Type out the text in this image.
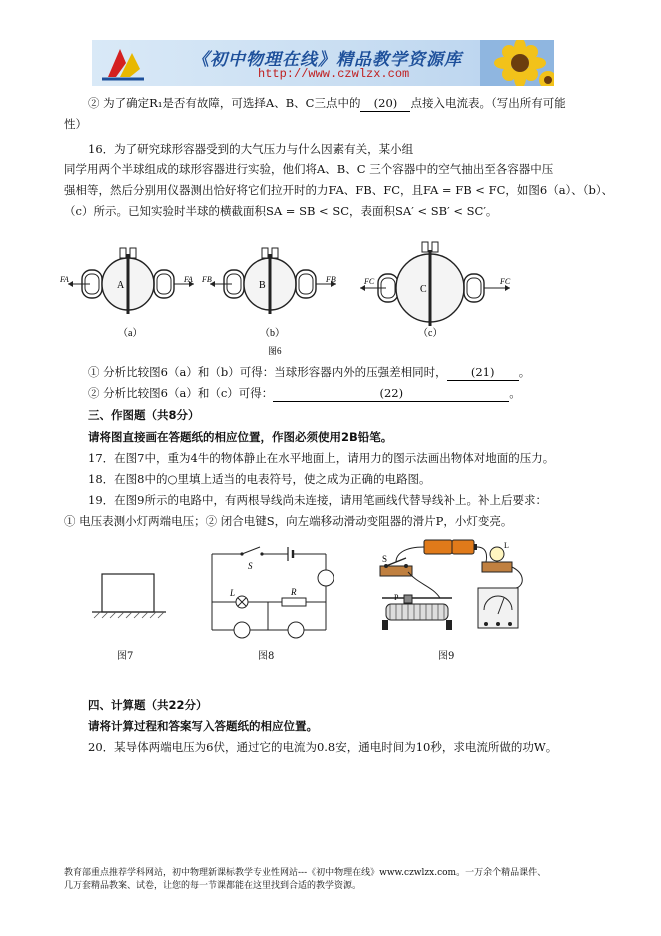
《初中物理在线》精品教学资源库
http://www.czwlzx.com
② 为了确定R₁是否有故障，可选择A、B、C三点中的 (20) 点接入电流表。（写出所有可能
性）
16．为了研究球形容器受到的大气压力与什么因素有关，某小组
同学用两个半球组成的球形容器进行实验，他们将A、B、C 三个容器中的空气抽出至各容器中压
强相等，然后分别用仪器测出恰好将它们拉开时的力FA、FB、FC，且FA = FB < FC，如图6（a）、（b）、
（c）所示。已知实验时半球的横截面积SA = SB < SC，表面积SA′ < SB′ < SC′。
A
FA	FA
B
FB	FB
C
FC	FC
（a）	（b）	（c）
图6
① 分析比较图6（a）和（b）可得：当球形容器内外的压强差相同时， (21) 。
② 分析比较图6（a）和（c）可得：	(22)	。
三、作图题（共8分）
请将图直接画在答题纸的相应位置，作图必须使用2B铅笔。
17．在图7中，重为4牛的物体静止在水平地面上，请用力的图示法画出物体对地面的压力。
18．在图8中的○里填上适当的电表符号，使之成为正确的电路图。
19．在图9所示的电路中，有两根导线尚未连接，请用笔画线代替导线补上。补上后要求：
① 电压表测小灯两端电压；② 闭合电键S，向左端移动滑动变阻器的滑片P，小灯变亮。
图7
S
L	R
图8
S
L
P
图9
四、计算题（共22分）
请将计算过程和答案写入答题纸的相应位置。
20．某导体两端电压为6伏，通过它的电流为0.8安，通电时间为10秒，求电流所做的功W。
教育部重点推荐学科网站，初中物理新课标教学专业性网站---《初中物理在线》www.czwlzx.com。一万余个精品课件、
几万套精品教案、试卷，让您的每一节课都能在这里找到合适的教学资源。
